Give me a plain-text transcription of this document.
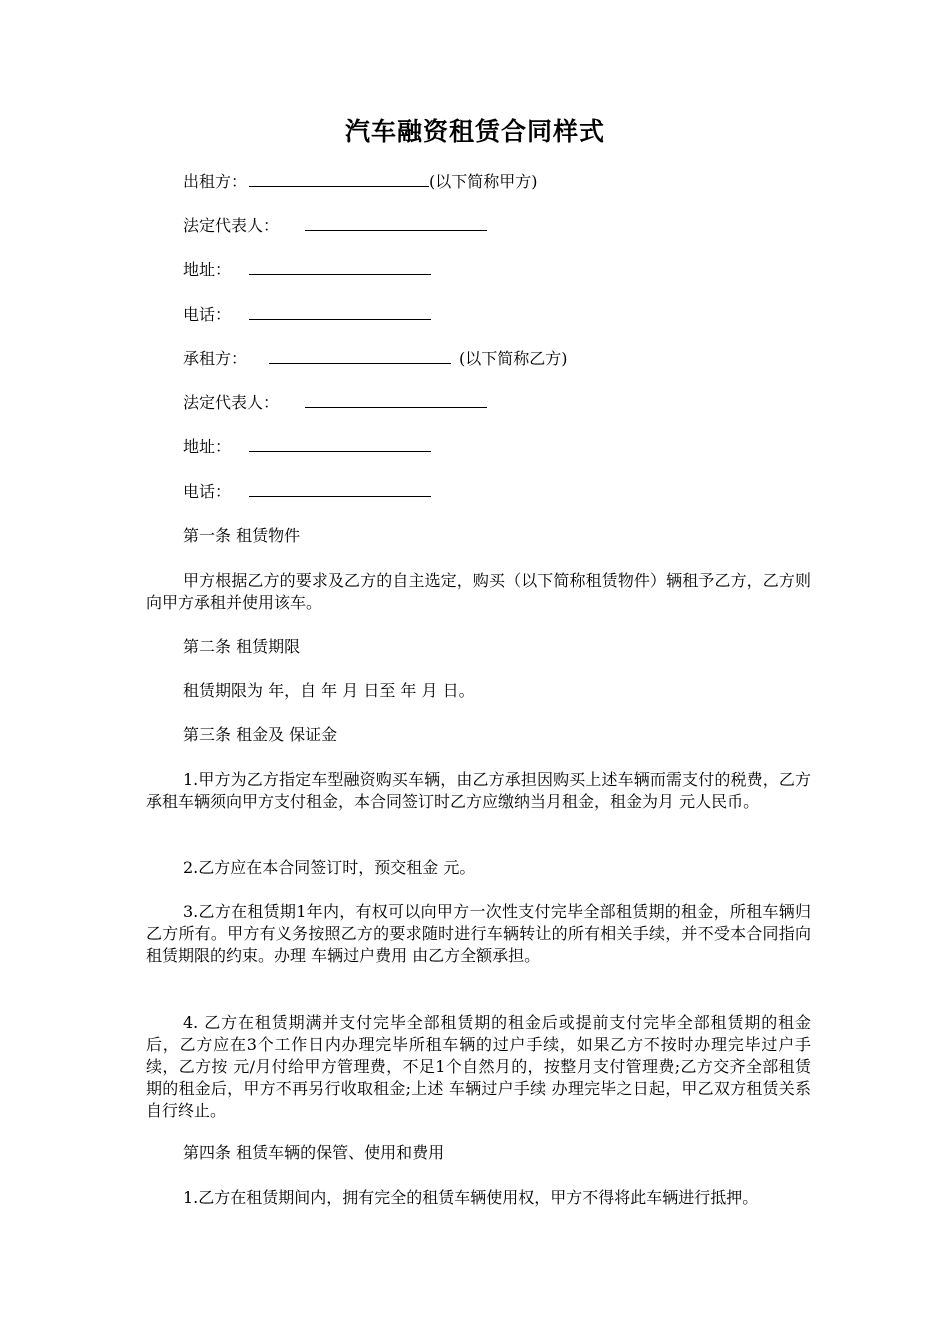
汽车融资租赁合同样式
出租方：	(以下简称甲方)
法定代表人：
地址：
电话：
承租方：	(以下简称乙方)
法定代表人：
地址：
电话：
第一条 租赁物件
甲方根据乙方的要求及乙方的自主选定，购买（以下简称租赁物件）辆租予乙方，乙方则向甲方承租并使用该车。
第二条 租赁期限
租赁期限为 年，自 年 月 日至 年 月 日。
第三条 租金及 保证金
1.甲方为乙方指定车型融资购买车辆，由乙方承担因购买上述车辆而需支付的税费，乙方承租车辆须向甲方支付租金，本合同签订时乙方应缴纳当月租金，租金为月 元人民币。
2.乙方应在本合同签订时，预交租金 元。
3.乙方在租赁期1年内，有权可以向甲方一次性支付完毕全部租赁期的租金，所租车辆归乙方所有。甲方有义务按照乙方的要求随时进行车辆转让的所有相关手续，并不受本合同指向租赁期限的约束。办理 车辆过户费用 由乙方全额承担。
4. 乙方在租赁期满并支付完毕全部租赁期的租金后或提前支付完毕全部租赁期的租金后，乙方应在3个工作日内办理完毕所租车辆的过户手续，如果乙方不按时办理完毕过户手续，乙方按 元/月付给甲方管理费，不足1个自然月的，按整月支付管理费;乙方交齐全部租赁期的租金后，甲方不再另行收取租金;上述 车辆过户手续 办理完毕之日起，甲乙双方租赁关系自行终止。
第四条 租赁车辆的保管、使用和费用
1.乙方在租赁期间内，拥有完全的租赁车辆使用权，甲方不得将此车辆进行抵押。
